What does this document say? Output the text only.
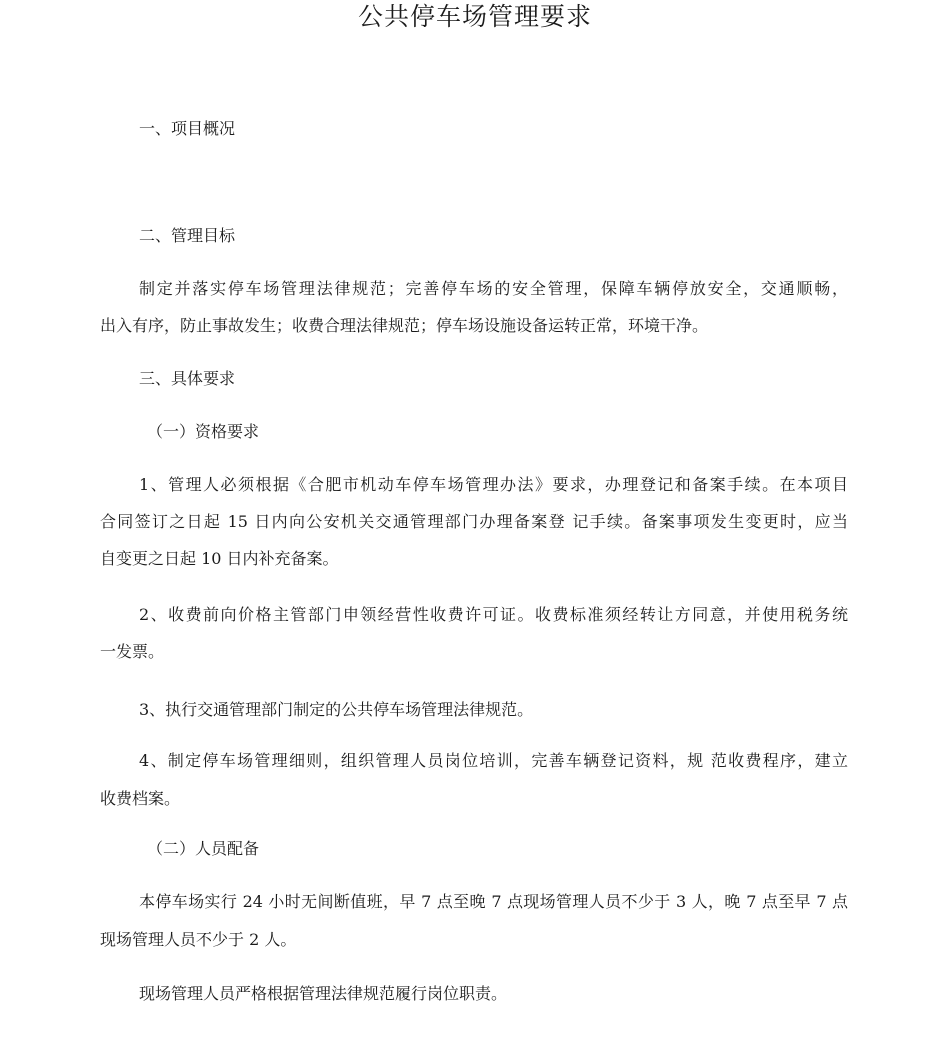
公共停车场管理要求
一、项目概况
二、管理目标
制定并落实停车场管理法律规范；完善停车场的安全管理，保障车辆停放安全，交通顺畅，
出入有序，防止事故发生；收费合理法律规范；停车场设施设备运转正常，环境干净。
三、具体要求
（一）资格要求
1、管理人必须根据《合肥市机动车停车场管理办法》要求，办理登记和备案手续。在本项目
合同签订之日起 15 日内向公安机关交通管理部门办理备案登 记手续。备案事项发生变更时，应当
自变更之日起 10 日内补充备案。
2、收费前向价格主管部门申领经营性收费许可证。收费标准须经转让方同意，并使用税务统
一发票。
3、执行交通管理部门制定的公共停车场管理法律规范。
4、制定停车场管理细则，组织管理人员岗位培训，完善车辆登记资料，规 范收费程序，建立
收费档案。
（二）人员配备
本停车场实行 24 小时无间断值班，早 7 点至晚 7 点现场管理人员不少于 3 人，晚 7 点至早 7 点
现场管理人员不少于 2 人。
现场管理人员严格根据管理法律规范履行岗位职责。
